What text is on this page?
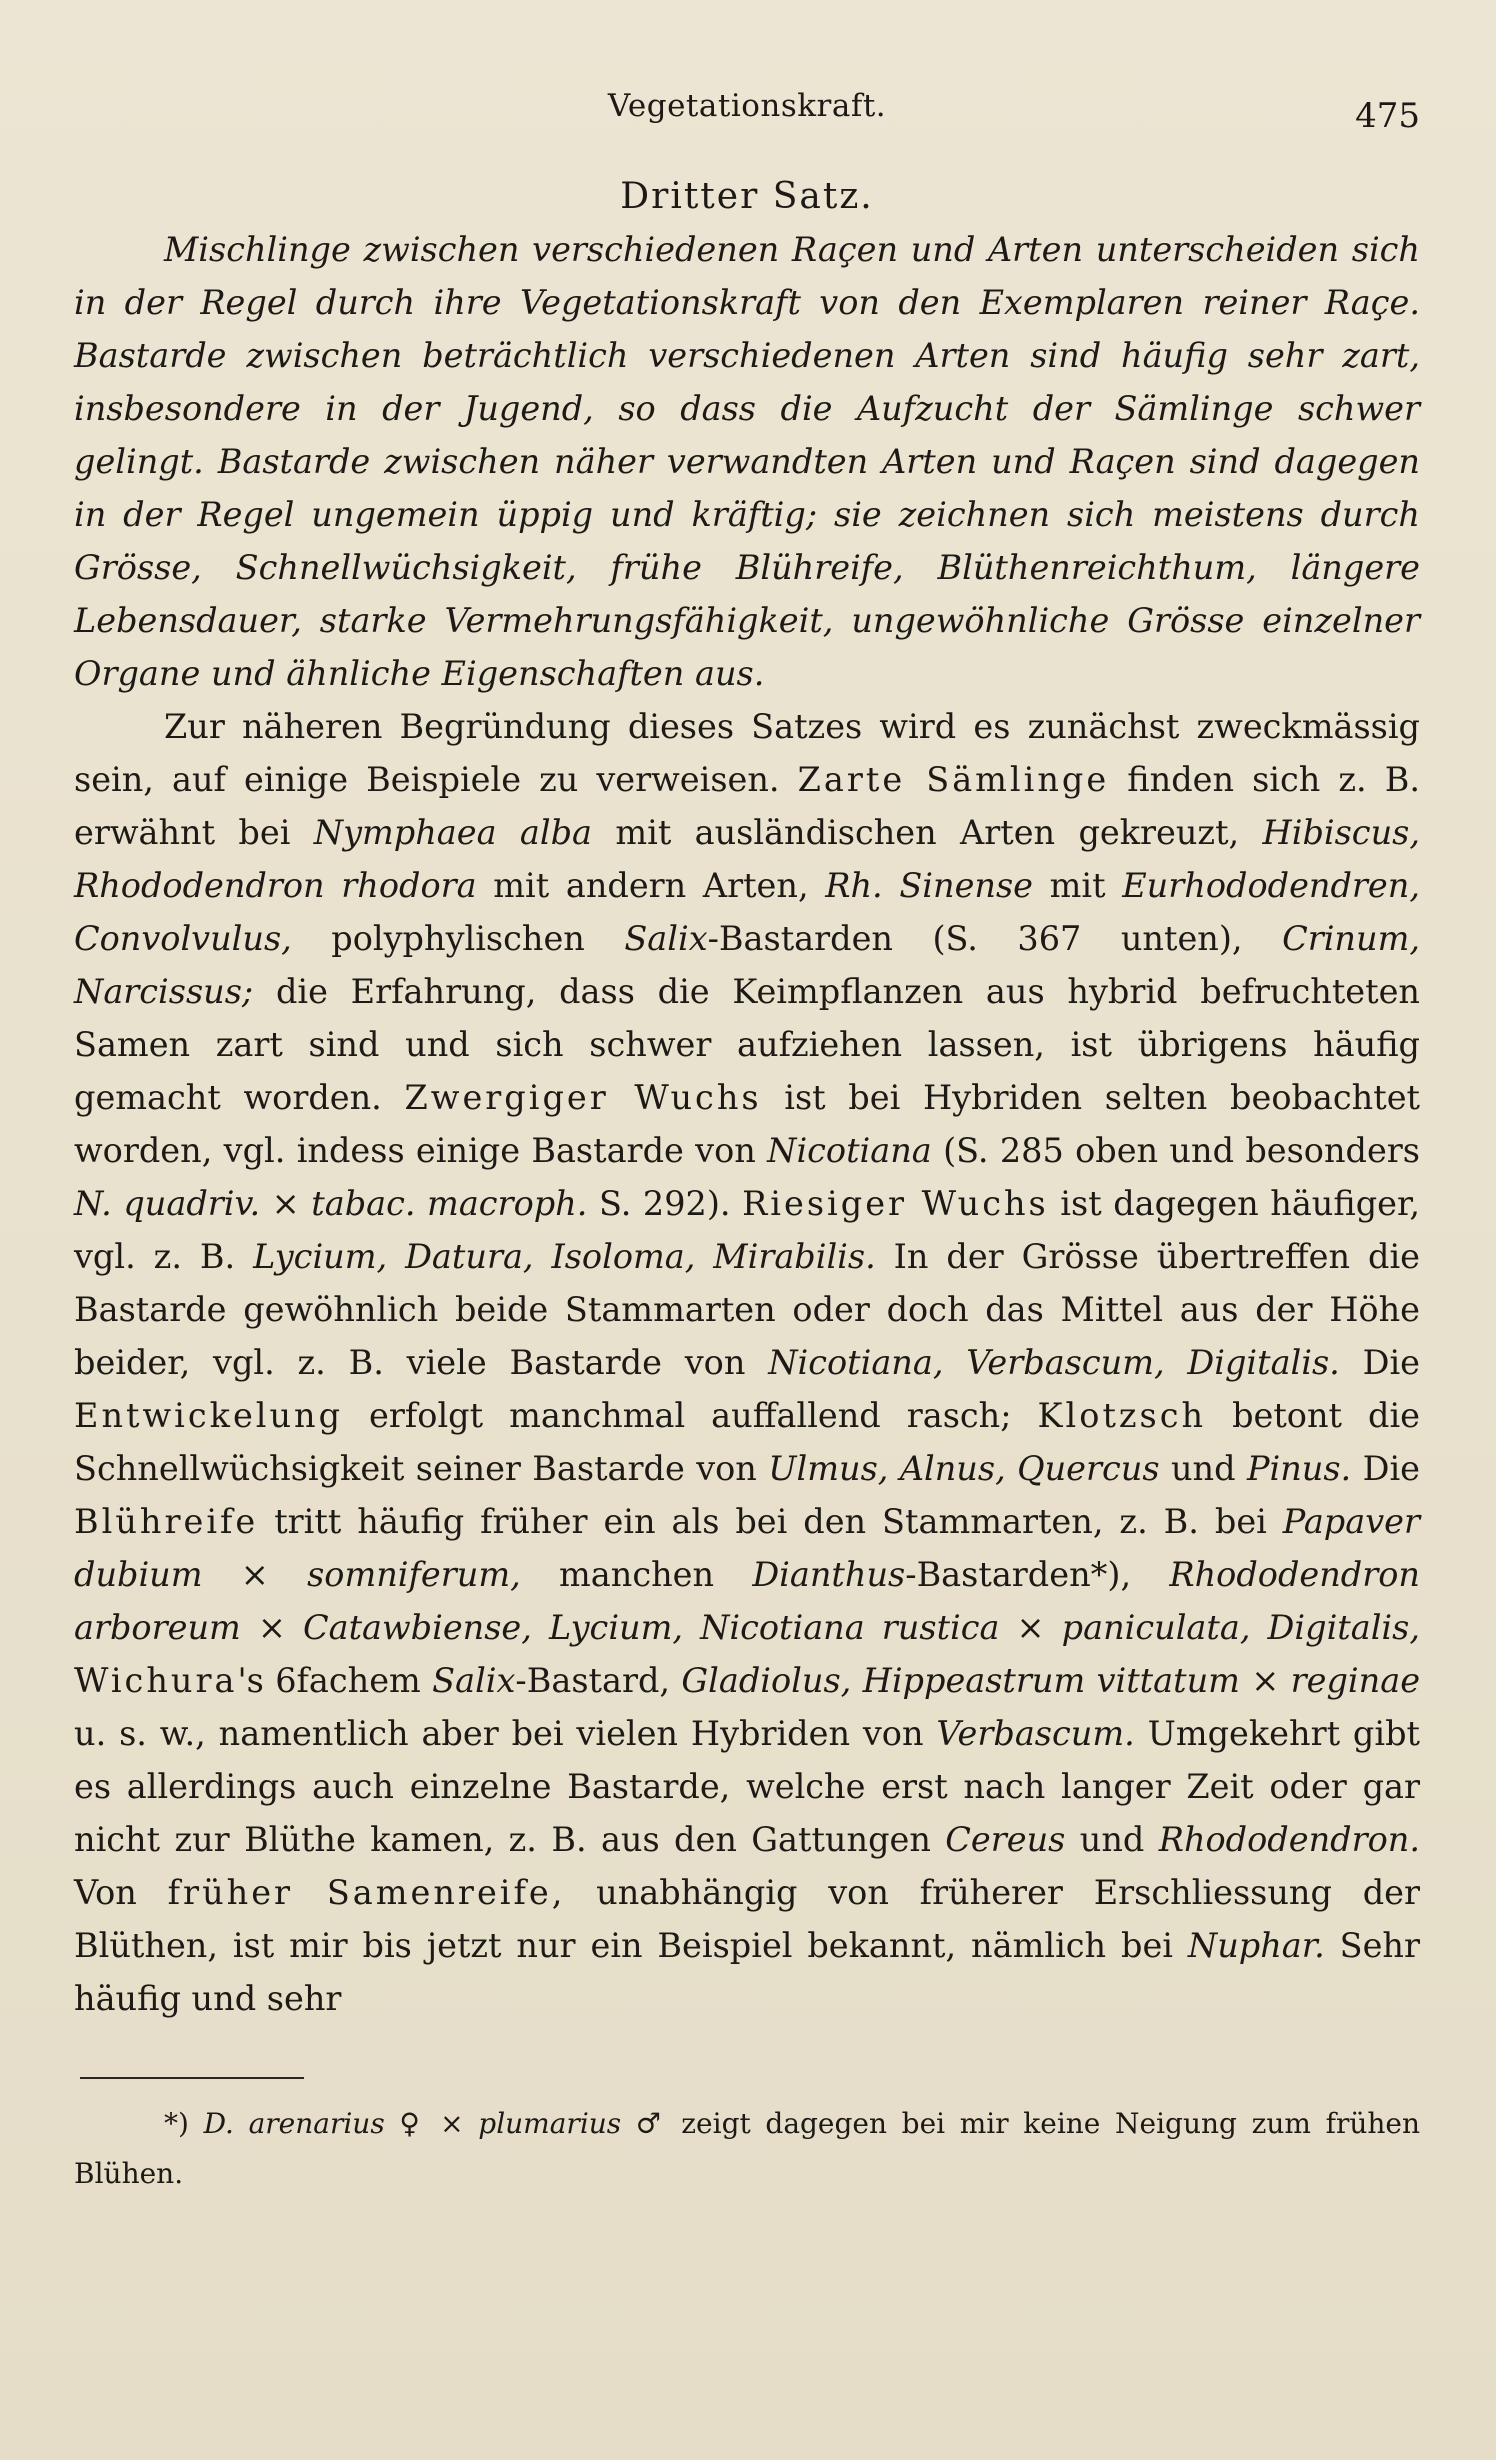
Vegetationskraft.	475
Dritter Satz.
Mischlinge zwischen verschiedenen Raçen und Arten unterscheiden sich in der Regel durch ihre Vegetationskraft von den Exemplaren reiner Raçe. Bastarde zwischen beträchtlich verschiedenen Arten sind häufig sehr zart, insbesondere in der Jugend, so dass die Aufzucht der Sämlinge schwer gelingt. Bastarde zwischen näher verwandten Arten und Raçen sind dagegen in der Regel ungemein üppig und kräftig; sie zeichnen sich meistens durch Grösse, Schnellwüchsigkeit, frühe Blühreife, Blüthenreichthum, längere Lebensdauer, starke Vermehrungsfähigkeit, ungewöhnliche Grösse einzelner Organe und ähnliche Eigenschaften aus.
Zur näheren Begründung dieses Satzes wird es zunächst zweckmässig sein, auf einige Beispiele zu verweisen. Zarte Sämlinge finden sich z. B. erwähnt bei Nymphaea alba mit ausländischen Arten gekreuzt, Hibiscus, Rhododendron rhodora mit andern Arten, Rh. Sinense mit Eurhododendren, Convolvulus, polyphylischen Salix-Bastarden (S. 367 unten), Crinum, Narcissus; die Erfahrung, dass die Keimpflanzen aus hybrid befruchteten Samen zart sind und sich schwer aufziehen lassen, ist übrigens häufig gemacht worden. Zwergiger Wuchs ist bei Hybriden selten beobachtet worden, vgl. indess einige Bastarde von Nicotiana (S. 285 oben und besonders N. quadriv. × tabac. macroph. S. 292). Riesiger Wuchs ist dagegen häufiger, vgl. z. B. Lycium, Datura, Isoloma, Mirabilis. In der Grösse übertreffen die Bastarde gewöhnlich beide Stammarten oder doch das Mittel aus der Höhe beider, vgl. z. B. viele Bastarde von Nicotiana, Verbascum, Digitalis. Die Entwickelung erfolgt manchmal auffallend rasch; Klotzsch betont die Schnellwüchsigkeit seiner Bastarde von Ulmus, Alnus, Quercus und Pinus. Die Blühreife tritt häufig früher ein als bei den Stammarten, z. B. bei Papaver dubium × somniferum, manchen Dianthus-Bastarden*), Rhododendron arboreum × Catawbiense, Lycium, Nicotiana rustica × paniculata, Digitalis, Wichura's 6fachem Salix-Bastard, Gladiolus, Hippeastrum vittatum × reginae u. s. w., namentlich aber bei vielen Hybriden von Verbascum. Umgekehrt gibt es allerdings auch einzelne Bastarde, welche erst nach langer Zeit oder gar nicht zur Blüthe kamen, z. B. aus den Gattungen Cereus und Rhododendron. Von früher Samenreife, unabhängig von früherer Erschliessung der Blüthen, ist mir bis jetzt nur ein Beispiel bekannt, nämlich bei Nuphar. Sehr häufig und sehr
*) D. arenarius ♀ × plumarius ♂ zeigt dagegen bei mir keine Neigung zum frühen Blühen.
